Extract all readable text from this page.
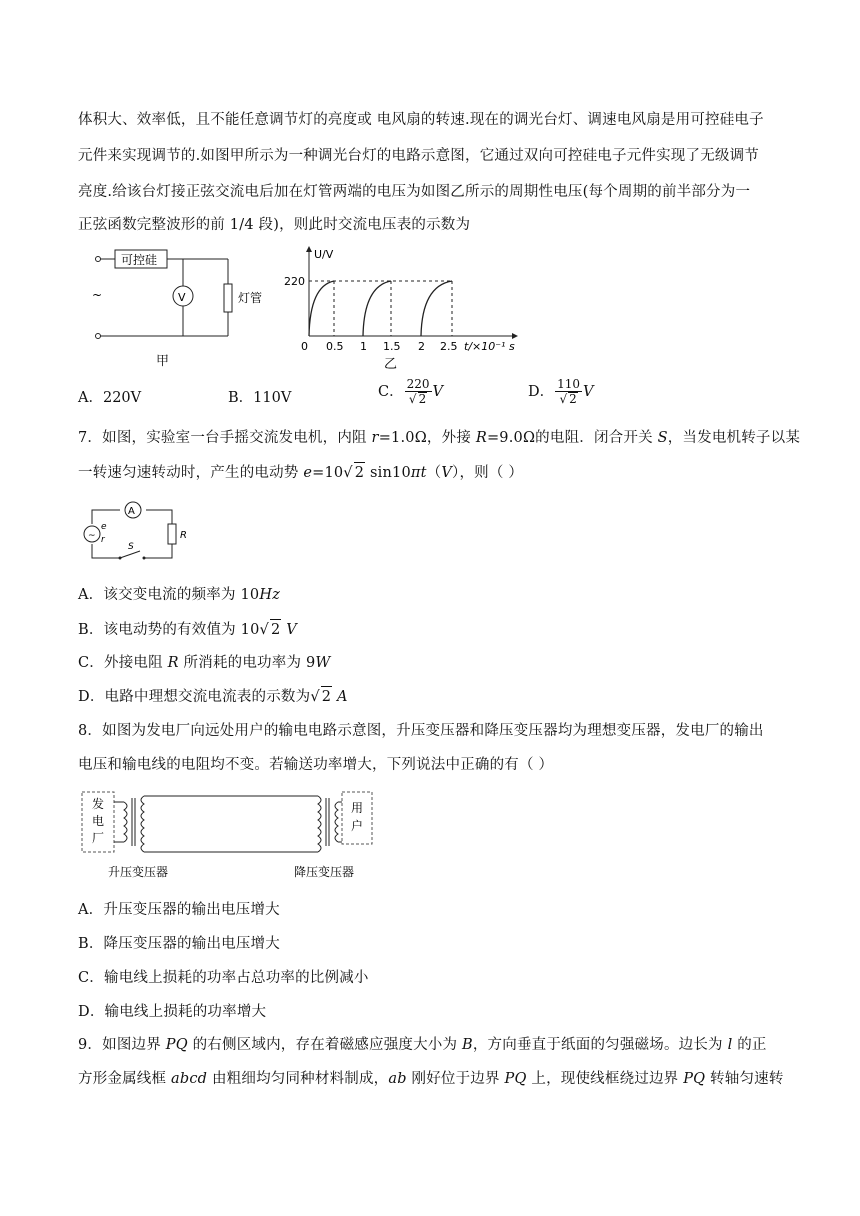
体积大、效率低，且不能任意调节灯的亮度或 电风扇的转速.现在的调光台灯、调速电风扇是用可控硅电子
元件来实现调节的.如图甲所示为一种调光台灯的电路示意图，它通过双向可控硅电子元件实现了无级调节
亮度.给该台灯接正弦交流电后加在灯管两端的电压为如图乙所示的周期性电压(每个周期的前半部分为一
正弦函数完整波形的前 1/4 段)，则此时交流电压表的示数为
可控硅
~	V	灯管
甲
U/V
220
0 0.5 1 1.5 2 2.5 t/×10⁻¹ s
乙
A．220V	B．110V	C． $\frac{220}{√ 2}$ V	D． $\frac{110}{√ 2}$ V
7．如图，实验室一台手摇交流发电机，内阻 r=1.0Ω，外接 R=9.0Ω的电阻．闭合开关 S，当发电机转子以某
一转速匀速转动时，产生的电动势 e=10√ 2 sin10πt（V），则（ ）
A
~
e
r	R
S
A．该交变电流的频率为 10Hz
B．该电动势的有效值为 10√ 2 V
C．外接电阻 R 所消耗的电功率为 9W
D．电路中理想交流电流表的示数为√ 2 A
8．如图为发电厂向远处用户的输电电路示意图，升压变压器和降压变压器均为理想变压器，发电厂的输出
电压和输电线的电阻均不变。若输送功率增大，下列说法中正确的有（ ）
发
电
厂
用
户
升压变压器	降压变压器
A．升压变压器的输出电压增大
B．降压变压器的输出电压增大
C．输电线上损耗的功率占总功率的比例减小
D．输电线上损耗的功率增大
9．如图边界 PQ 的右侧区域内，存在着磁感应强度大小为 B，方向垂直于纸面的匀强磁场。边长为 l 的正
方形金属线框 abcd 由粗细均匀同种材料制成，ab 刚好位于边界 PQ 上，现使线框绕过边界 PQ 转轴匀速转
